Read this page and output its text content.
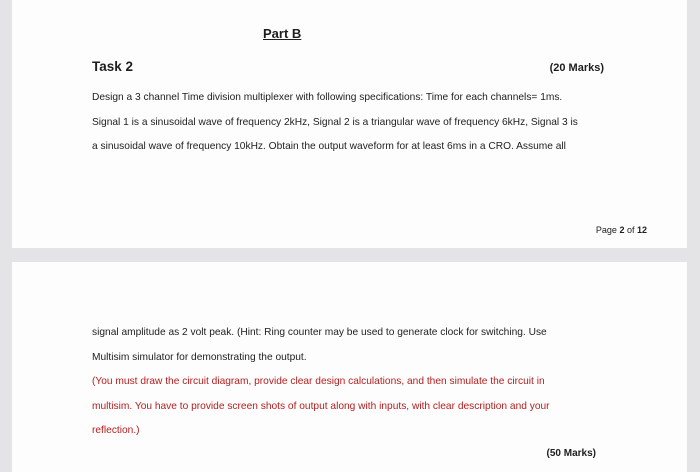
Part B
Task 2	(20 Marks)
Design a 3 channel Time division multiplexer with following specifications: Time for each channels= 1ms.
Signal 1 is a sinusoidal wave of frequency 2kHz, Signal 2 is a triangular wave of frequency 6kHz, Signal 3 is
a sinusoidal wave of frequency 10kHz. Obtain the output waveform for at least 6ms in a CRO. Assume all
Page 2 of 12
signal amplitude as 2 volt peak. (Hint: Ring counter may be used to generate clock for switching. Use
Multisim simulator for demonstrating the output.
(You must draw the circuit diagram, provide clear design calculations, and then simulate the circuit in
multisim. You have to provide screen shots of output along with inputs, with clear description and your
reflection.)
(50 Marks)
